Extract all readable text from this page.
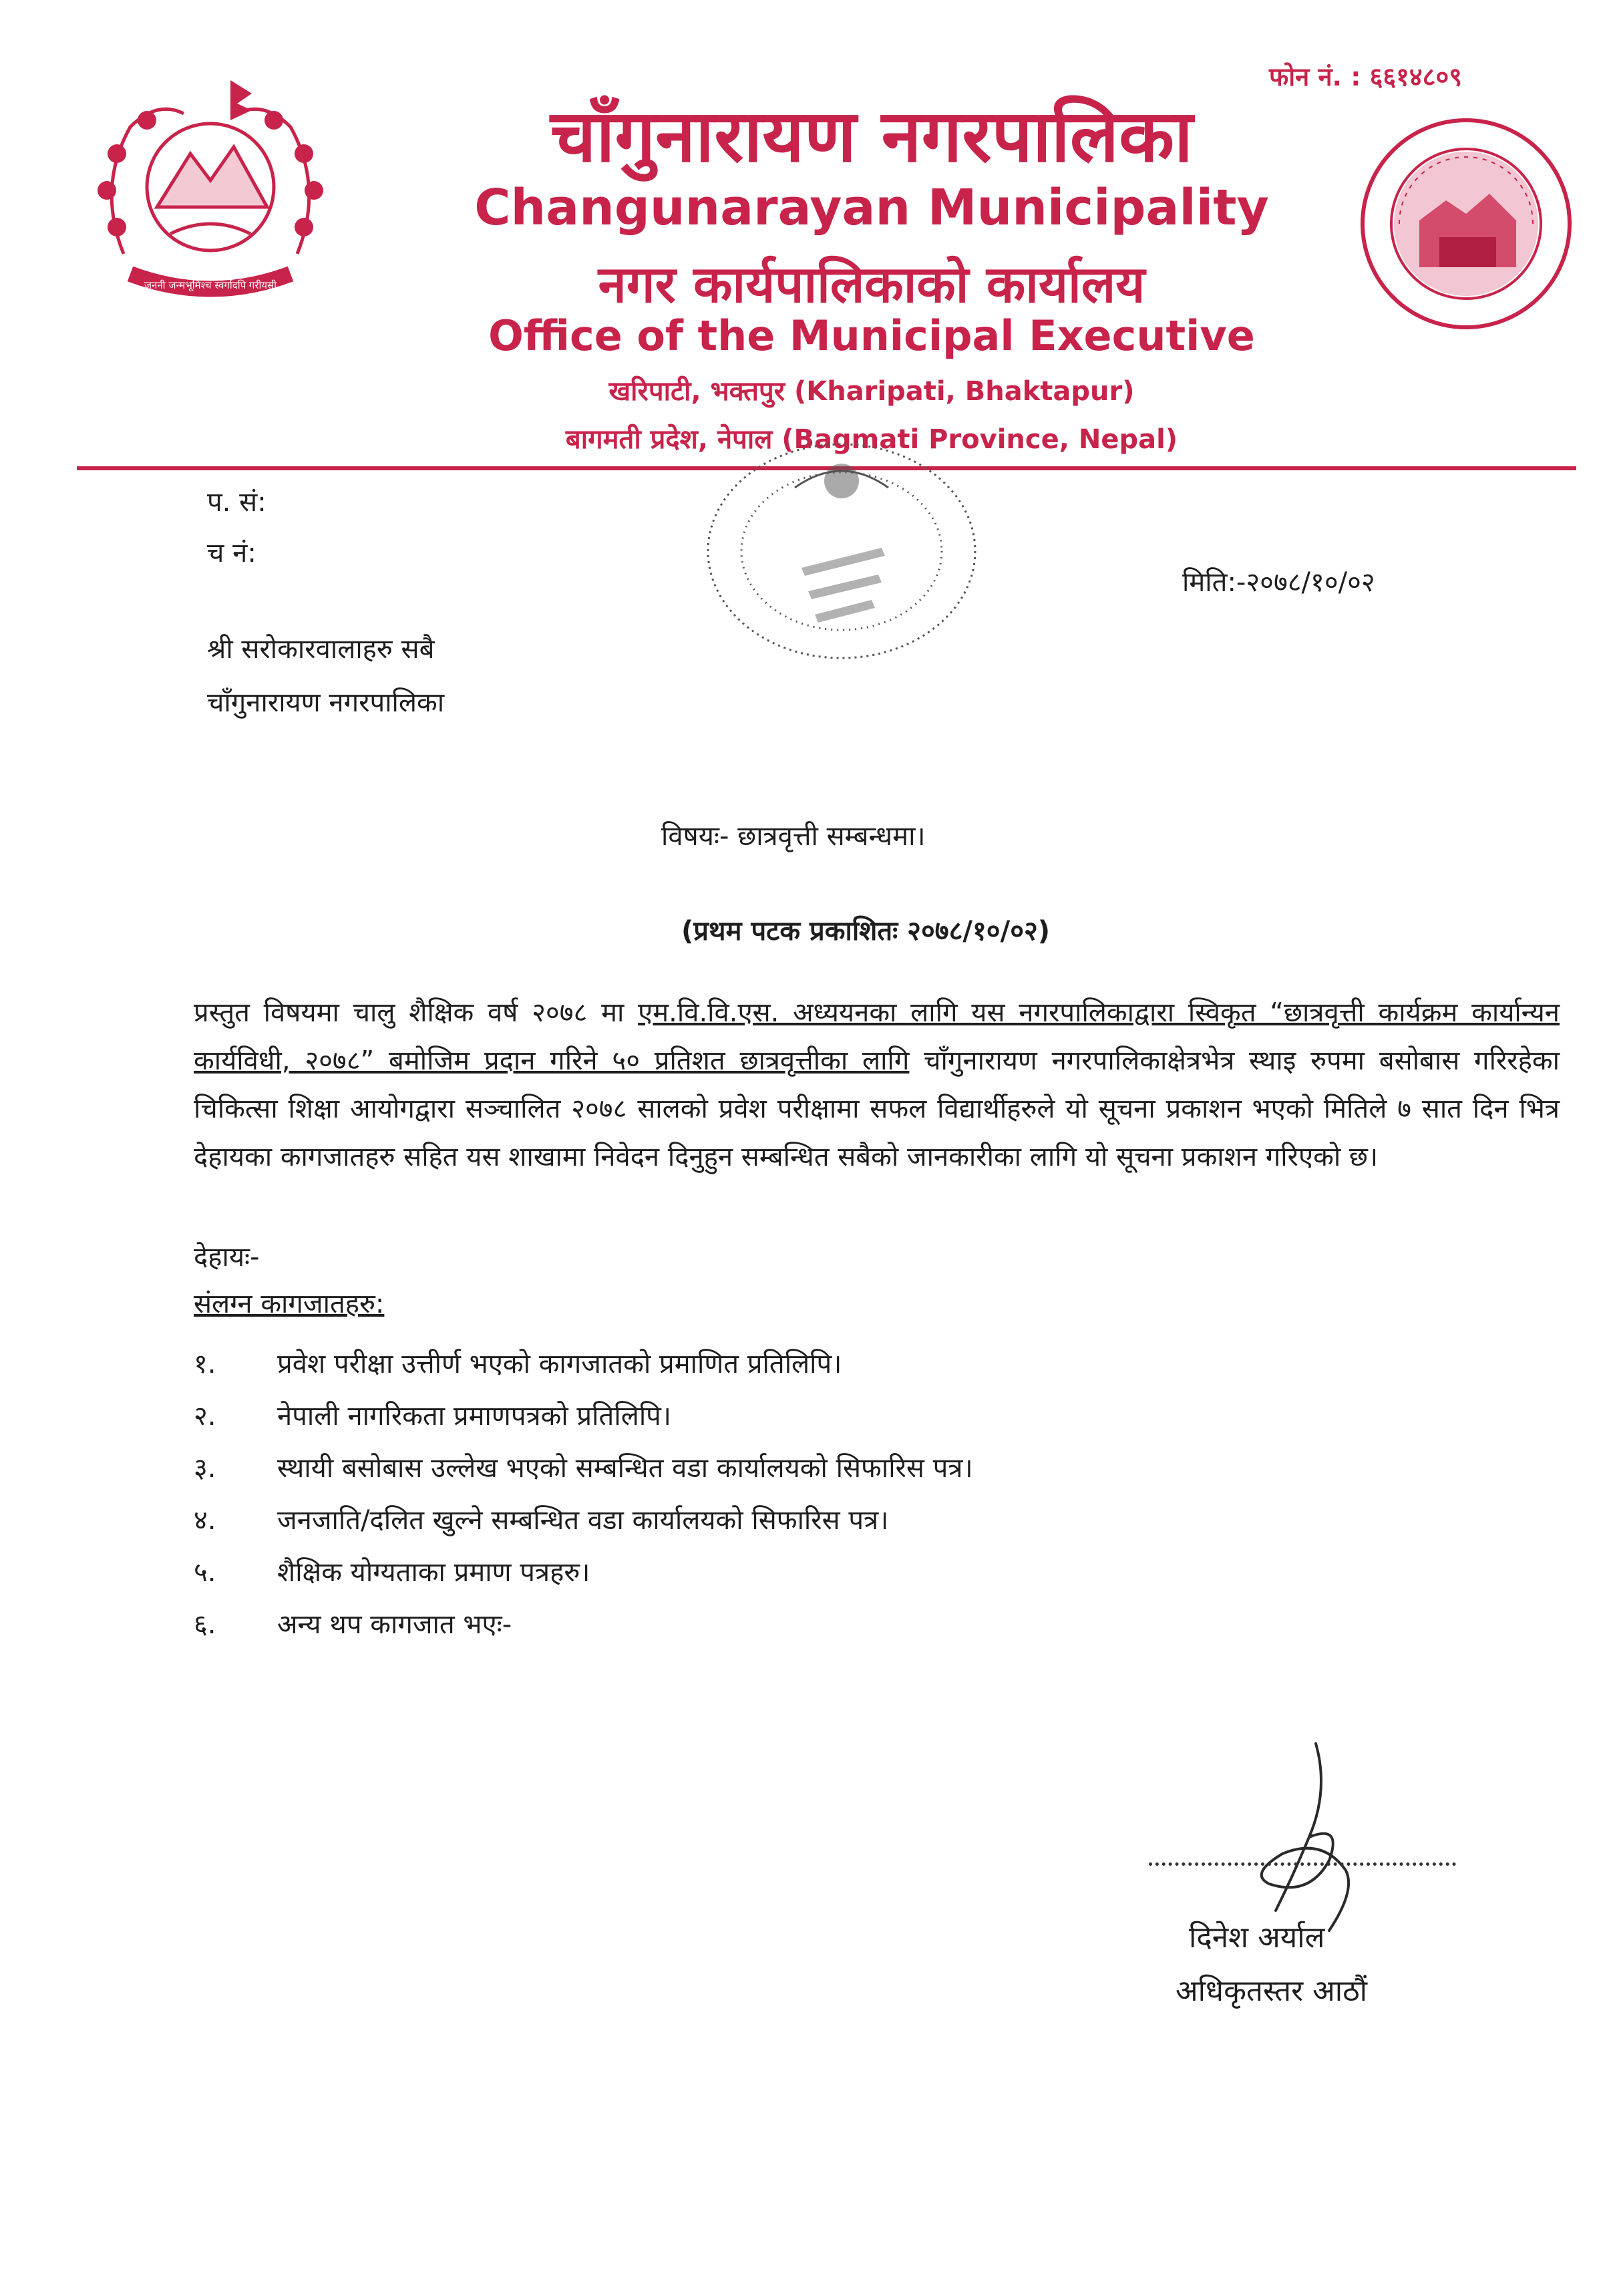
जननी जन्मभूमिश्च स्वर्गादपि गरीयसी
फोन नं. : ६६१४८०९
चाँगुनारायण नगरपालिका
Changunarayan Municipality
नगर कार्यपालिकाको कार्यालय
Office of the Municipal Executive
खरिपाटी, भक्तपुर (Kharipati, Bhaktapur)
बागमती प्रदेश, नेपाल (Bagmati Province, Nepal)
प. सं:
च नं:
मिति:-२०७८/१०/०२
श्री सरोकारवालाहरु सबै
चाँगुनारायण नगरपालिका
विषयः- छात्रवृत्ती सम्बन्धमा।
(प्रथम पटक प्रकाशितः २०७८/१०/०२)

प्रस्तुत विषयमा चालु शैक्षिक वर्ष २०७८ मा एम.वि.वि.एस. अध्ययनका लागि यस नगरपालिकाद्वारा स्विकृत “छात्रवृत्ती कार्यक्रम कार्यान्यन कार्यविधी, २०७८” बमोजिम प्रदान गरिने ५० प्रतिशत छात्रवृत्तीका लागि चाँगुनारायण नगरपालिकाक्षेत्रभेत्र स्थाइ रुपमा बसोबास गरिरहेका चिकित्सा शिक्षा आयोगद्वारा सञ्चालित २०७८ सालको प्रवेश परीक्षामा सफल विद्यार्थीहरुले यो सूचना प्रकाशन भएको मितिले ७ सात दिन भित्र देहायका कागजातहरु सहित यस शाखामा निवेदन दिनुहुन सम्बन्धित सबैको जानकारीका लागि यो सूचना प्रकाशन गरिएको छ।

देहायः-
संलग्न कागजातहरु:
१. प्रवेश परीक्षा उत्तीर्ण भएको कागजातको प्रमाणित प्रतिलिपि।
२. नेपाली नागरिकता प्रमाणपत्रको प्रतिलिपि।
३. स्थायी बसोबास उल्लेख भएको सम्बन्धित वडा कार्यालयको सिफारिस पत्र।
४. जनजाति/दलित खुल्ने सम्बन्धित वडा कार्यालयको सिफारिस पत्र।
५. शैक्षिक योग्यताका प्रमाण पत्रहरु।
६. अन्य थप कागजात भएः-
दिनेश अर्याल
अधिकृतस्तर आठौं
